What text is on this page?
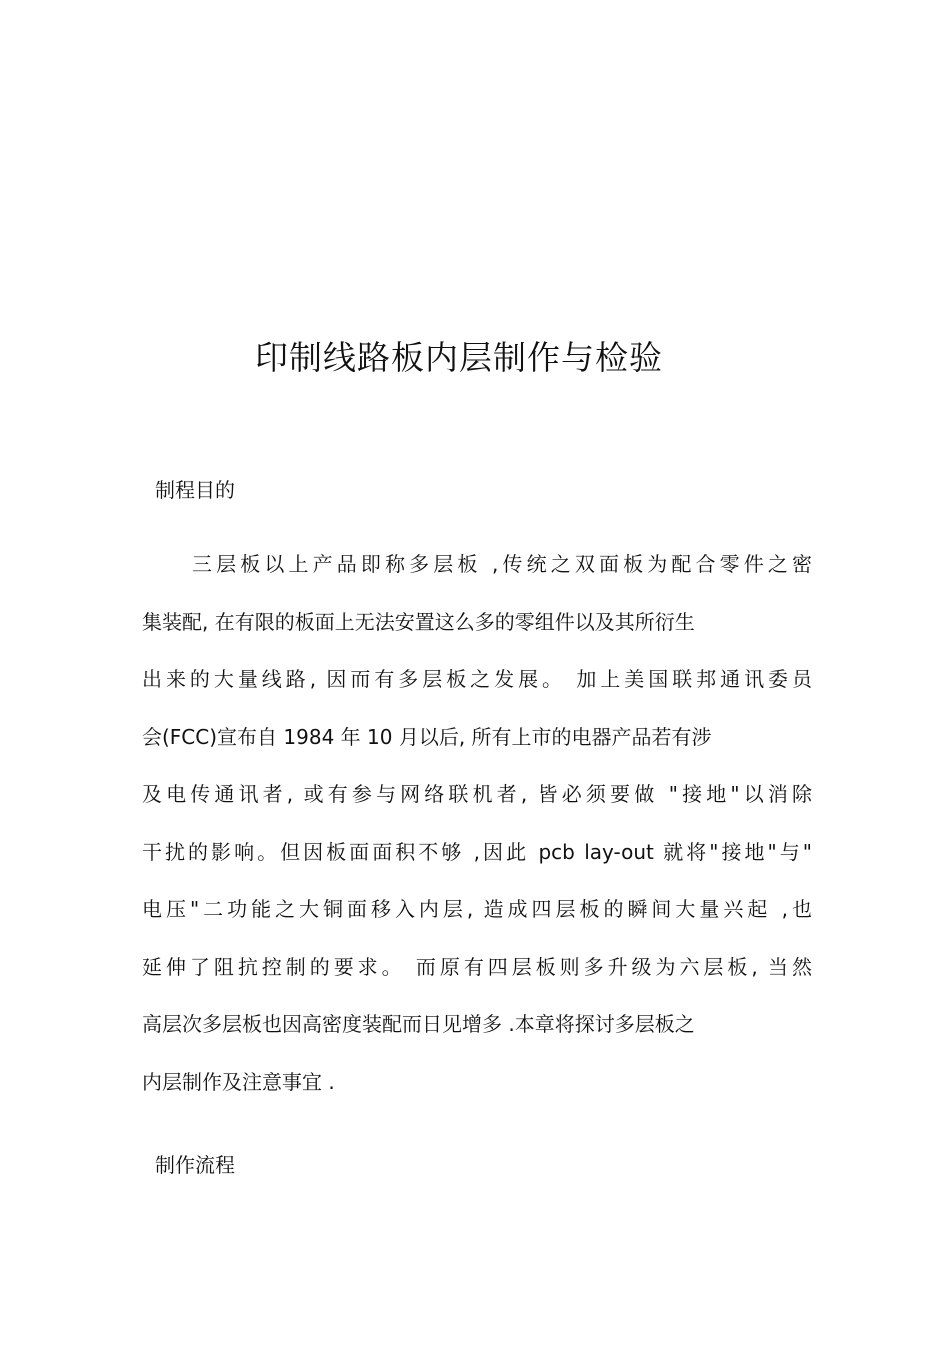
印制线路板内层制作与检验
制程目的
三层板以上产品即称多层板 ,传统之双面板为配合零件之密
集装配, 在有限的板面上无法安置这么多的零组件以及其所衍生
出来的大量线路, 因而有多层板之发展。 加上美国联邦通讯委员
会(FCC)宣布自 1984 年 10 月以后, 所有上市的电器产品若有涉
及电传通讯者, 或有参与网络联机者, 皆必须要做 "接地"以消除
干扰的影响。但因板面面积不够 ,因此 pcb lay-out 就将"接地"与"
电压"二功能之大铜面移入内层, 造成四层板的瞬间大量兴起 ,也
延伸了阻抗控制的要求。 而原有四层板则多升级为六层板, 当然
高层次多层板也因高密度装配而日见增多 .本章将探讨多层板之
内层制作及注意事宜 .
制作流程
